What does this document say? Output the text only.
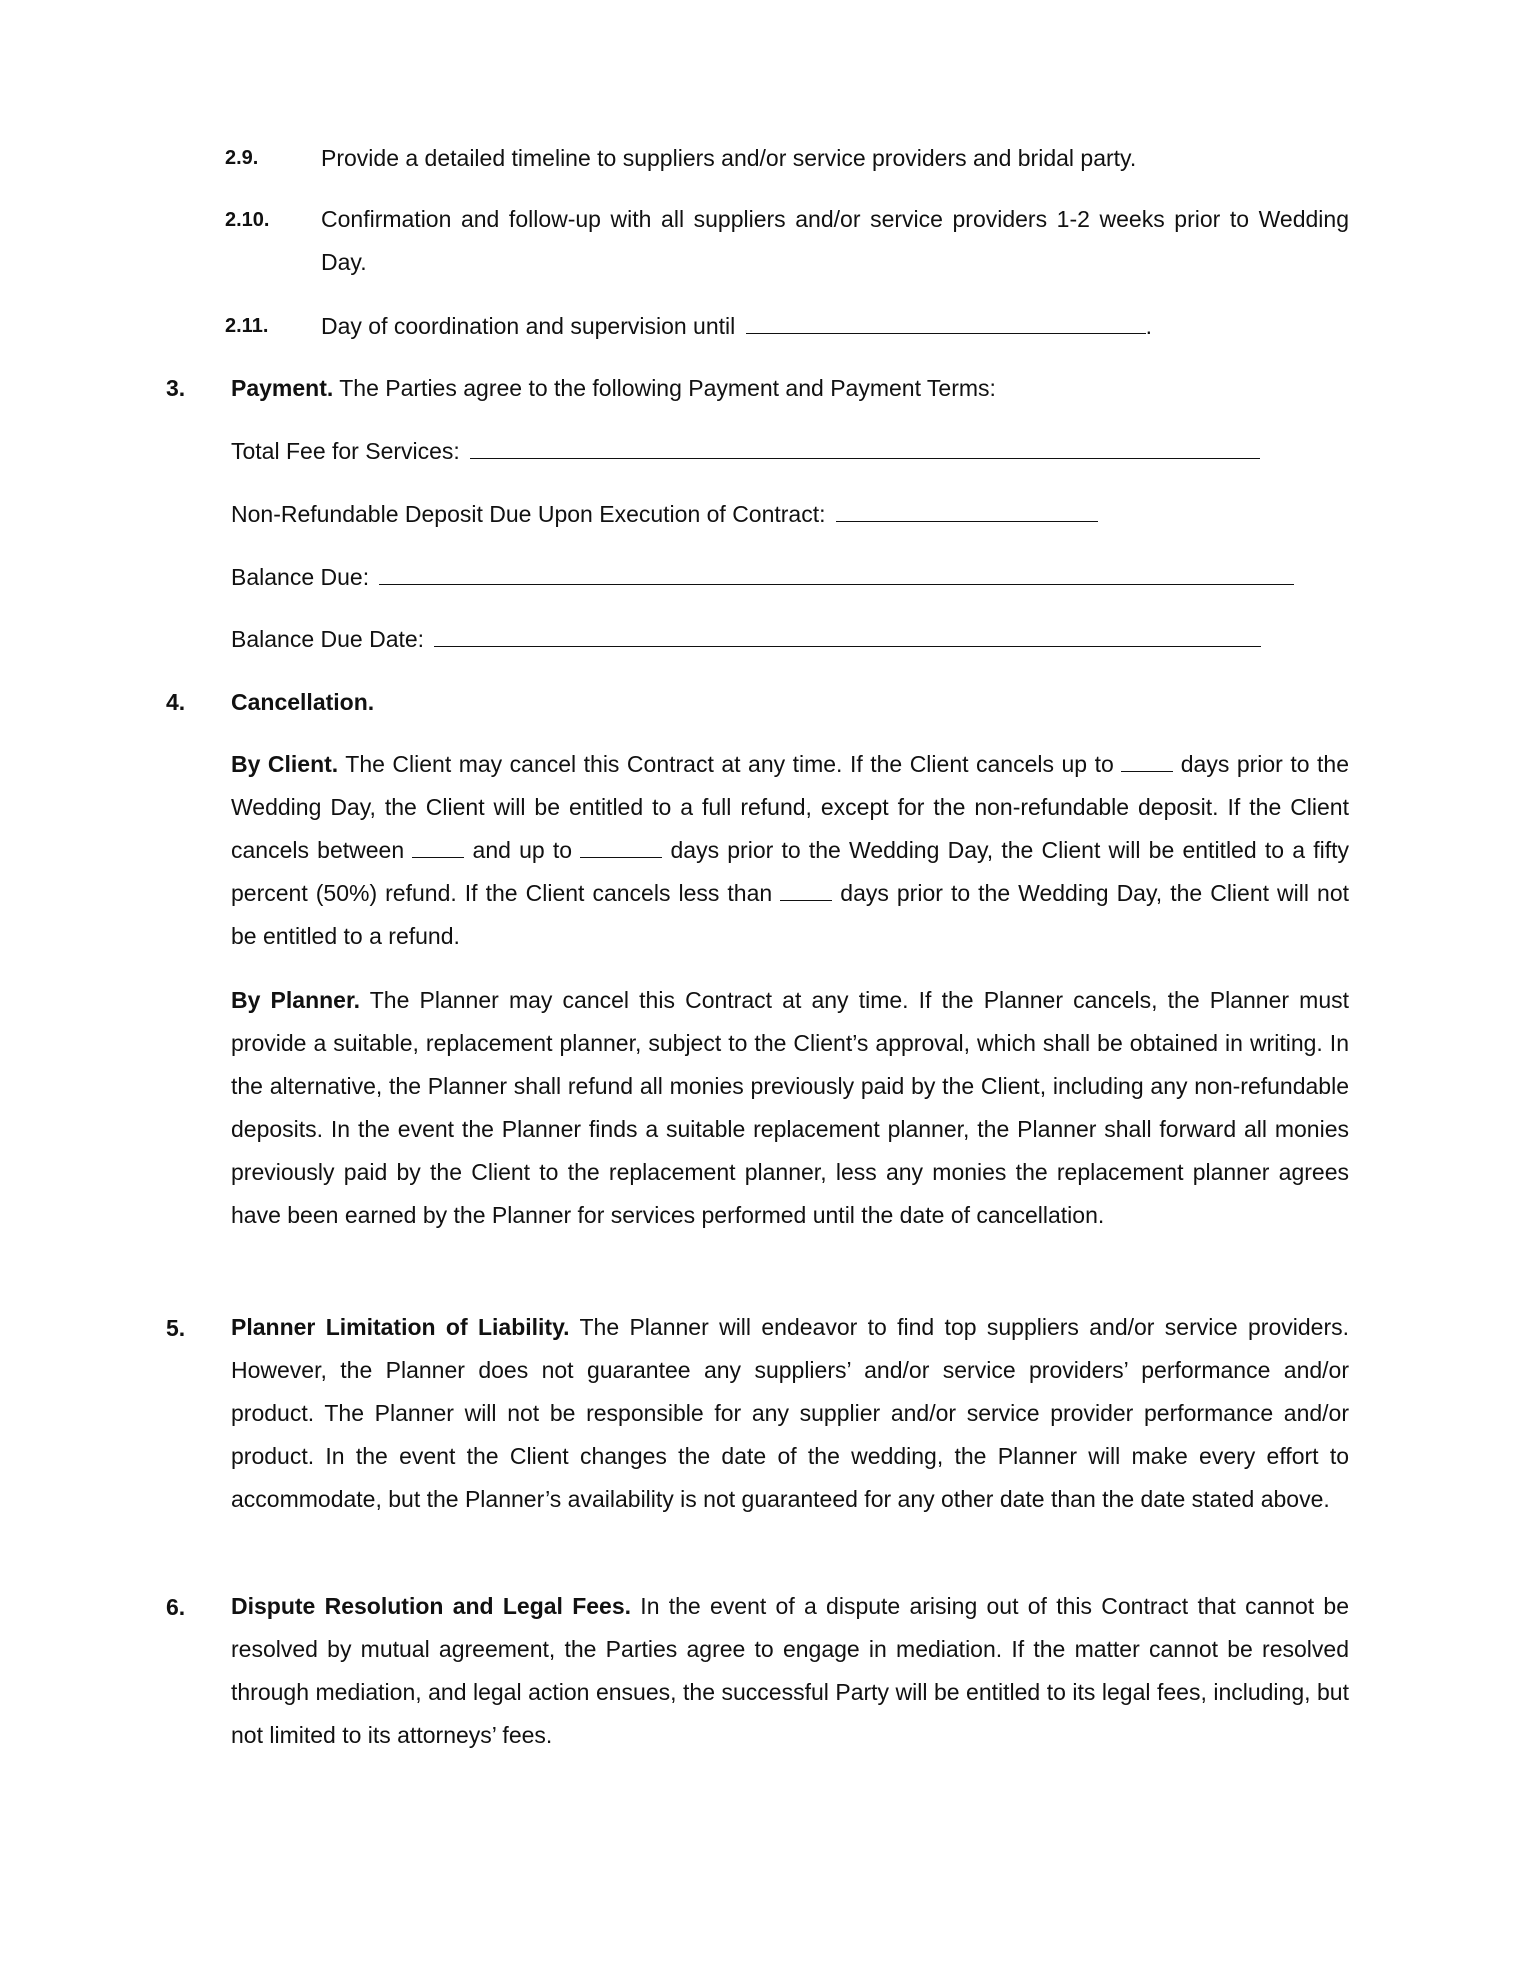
2.9.	Provide a detailed timeline to suppliers and/or service providers and bridal party.
2.10. Confirmation and follow-up with all suppliers and/or service providers 1-2 weeks prior to Wedding Day.
2.11. Day of coordination and supervision until	.
3. Payment. The Parties agree to the following Payment and Payment Terms:
Total Fee for Services:
Non-Refundable Deposit Due Upon Execution of Contract:
Balance Due:
Balance Due Date:
4. Cancellation.
By Client. The Client may cancel this Contract at any time. If the Client cancels up to  days prior to the Wedding Day, the Client will be entitled to a full refund, except for the non-refundable deposit. If the Client cancels between  and up to	days prior to the Wedding Day, the Client will be entitled to a fifty percent (50%) refund. If the Client cancels less than  days prior to the Wedding Day, the Client will not be entitled to a refund.
By Planner. The Planner may cancel this Contract at any time. If the Planner cancels, the Planner must provide a suitable, replacement planner, subject to the Client’s approval, which shall be obtained in writing. In the alternative, the Planner shall refund all monies previously paid by the Client, including any non-refundable deposits. In the event the Planner finds a suitable replacement planner, the Planner shall forward all monies previously paid by the Client to the replacement planner, less any monies the replacement planner agrees have been earned by the Planner for services performed until the date of cancellation.
5. Planner Limitation of Liability. The Planner will endeavor to find top suppliers and/or service providers. However, the Planner does not guarantee any suppliers’ and/or service providers’ performance and/or product. The Planner will not be responsible for any supplier and/or service provider performance and/or product. In the event the Client changes the date of the wedding, the Planner will make every effort to accommodate, but the Planner’s availability is not guaranteed for any other date than the date stated above.
6. Dispute Resolution and Legal Fees. In the event of a dispute arising out of this Contract that cannot be resolved by mutual agreement, the Parties agree to engage in mediation. If the matter cannot be resolved through mediation, and legal action ensues, the successful Party will be entitled to its legal fees, including, but not limited to its attorneys’ fees.
